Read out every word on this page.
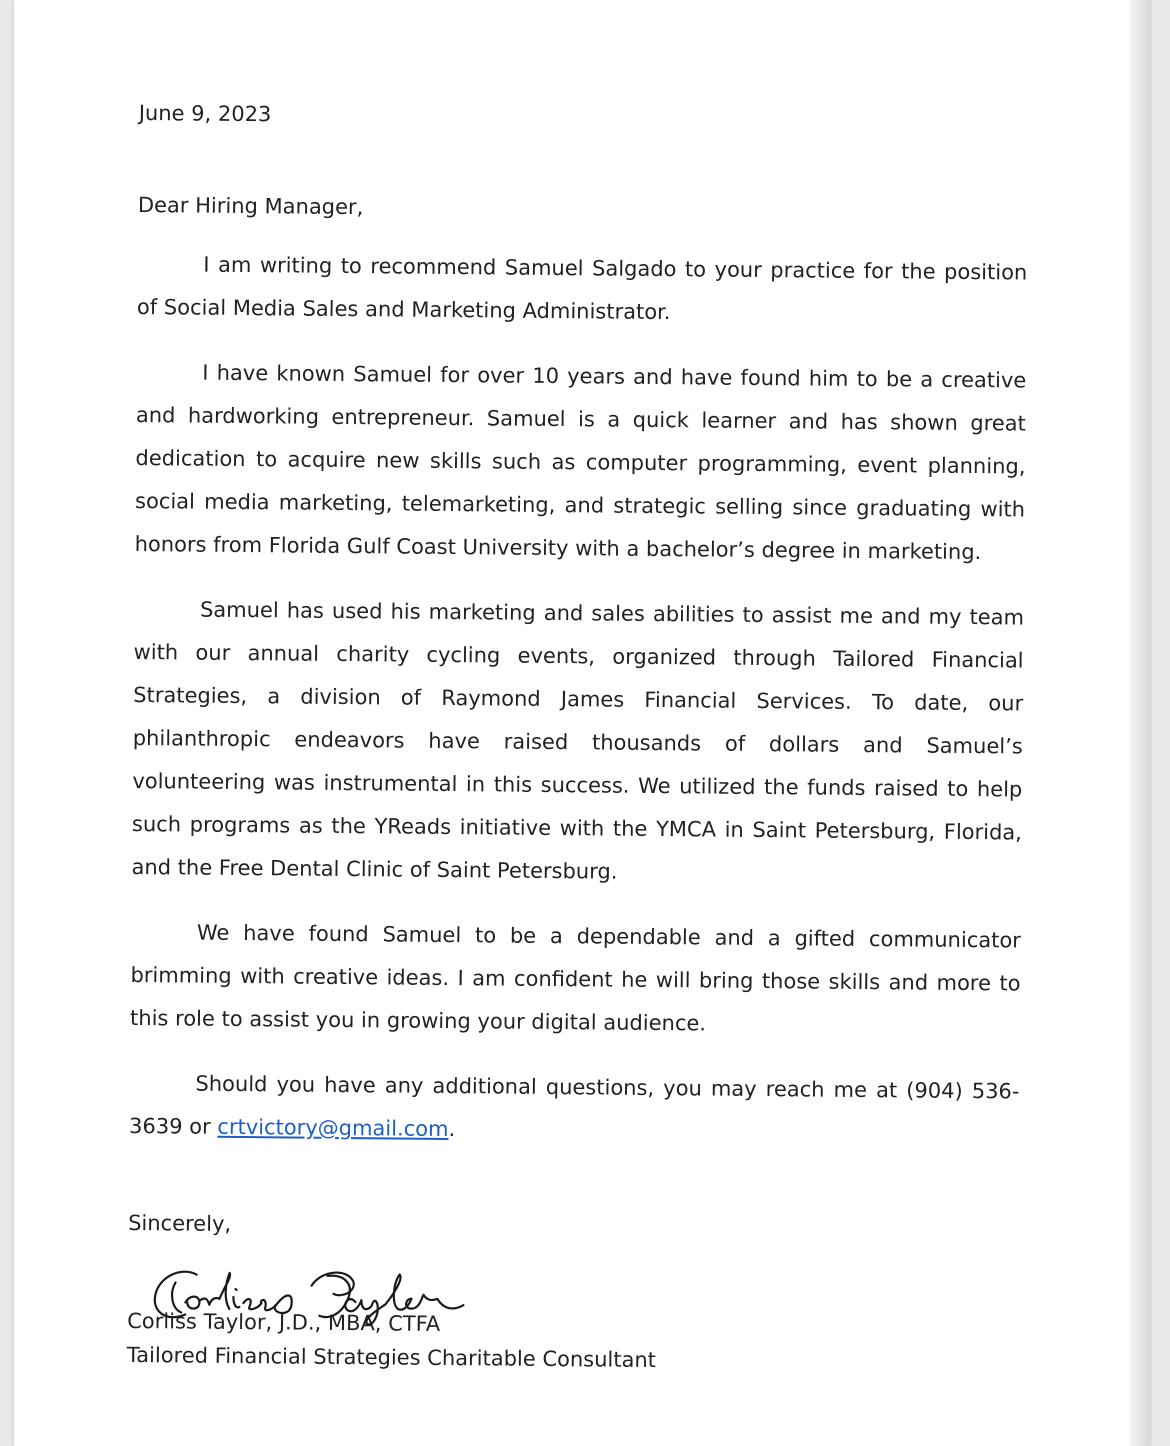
June 9, 2023

Dear Hiring Manager,

I am writing to recommend Samuel Salgado to your practice for the position of Social Media Sales and Marketing Administrator.

I have known Samuel for over 10 years and have found him to be a creative and hardworking entrepreneur. Samuel is a quick learner and has shown great dedication to acquire new skills such as computer programming, event planning, social media marketing, telemarketing, and strategic selling since graduating with honors from Florida Gulf Coast University with a bachelor’s degree in marketing.

Samuel has used his marketing and sales abilities to assist me and my team with our annual charity cycling events, organized through Tailored Financial Strategies, a division of Raymond James Financial Services. To date, our philanthropic endeavors have raised thousands of dollars and Samuel’s volunteering was instrumental in this success. We utilized the funds raised to help such programs as the YReads initiative with the YMCA in Saint Petersburg, Florida, and the Free Dental Clinic of Saint Petersburg.

We have found Samuel to be a dependable and a gifted communicator brimming with creative ideas. I am confident he will bring those skills and more to this role to assist you in growing your digital audience.

Should you have any additional questions, you may reach me at (904) 536-3639 or crtvictory@gmail.com.

Sincerely,

Corliss Taylor, J.D., MBA, CTFA

Tailored Financial Strategies Charitable Consultant
